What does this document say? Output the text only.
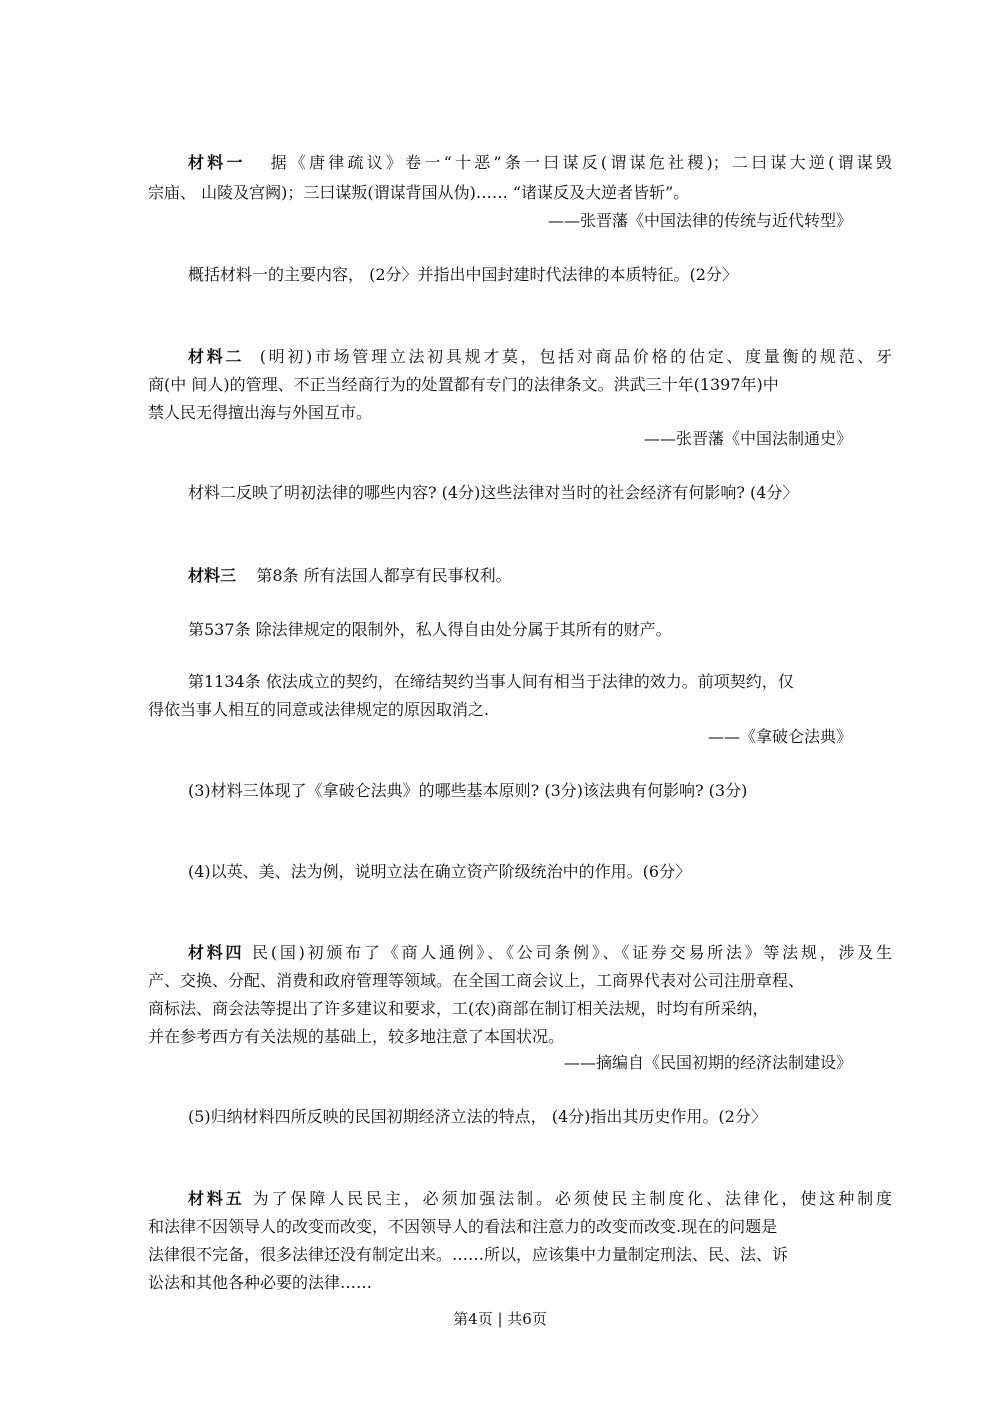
材料一 据《唐律疏议》卷一“十恶”条一曰谋反(谓谋危社稷)；二曰谋大逆(谓谋毁
宗庙、 山陵及宫阙)；三曰谋叛(谓谋背国从伪)…… “诸谋反及大逆者皆斩”。
——张晋藩《中国法律的传统与近代转型》
概括材料一的主要内容， (2分〉并指出中国封建时代法律的本质特征。(2分〉
材料二 (明初)市场管理立法初具规才莫，包括对商品价格的估定、度量衡的规范、牙
商(中 间人)的管理、不正当经商行为的处置都有专门的法律条文。洪武三十年(1397年)中
禁人民无得擅出海与外国互市。
——张晋藩《中国法制通史》
材料二反映了明初法律的哪些内容? (4分)这些法律对当时的社会经济有何影响? (4分〉
材料三 第8条 所有法国人都享有民事权利。
第537条 除法律规定的限制外，私人得自由处分属于其所有的财产。
第1134条 依法成立的契约，在缔结契约当事人间有相当于法律的效力。前项契约，仅
得依当事人相互的同意或法律规定的原因取消之.
——《拿破仑法典》
(3)材料三体现了《拿破仑法典》的哪些基本原则? (3分)该法典有何影响? (3分)
(4)以英、美、法为例，说明立法在确立资产阶级统治中的作用。(6分〉
材料四 民(国)初颁布了《商人通例》、《公司条例》、《证券交易所法》等法规，涉及生
产、交换、分配、消费和政府管理等领域。在全国工商会议上，工商界代表对公司注册章程、
商标法、商会法等提出了许多建议和要求，工(农)商部在制订相关法规，时均有所采纳，
并在参考西方有关法规的基础上，较多地注意了本国状况。
——摘编自《民国初期的经济法制建设》
(5)归纳材料四所反映的民国初期经济立法的特点， (4分)指出其历史作用。(2分〉
材料五 为了保障人民民主，必须加强法制。必须使民主制度化、法律化，使这种制度
和法律不因领导人的改变而改变，不因领导人的看法和注意力的改变而改变.现在的问题是
法律很不完备，很多法律还没有制定出来。……所以，应该集中力量制定刑法、民、法、诉
讼法和其他各种必要的法律……
第4页 | 共6页
